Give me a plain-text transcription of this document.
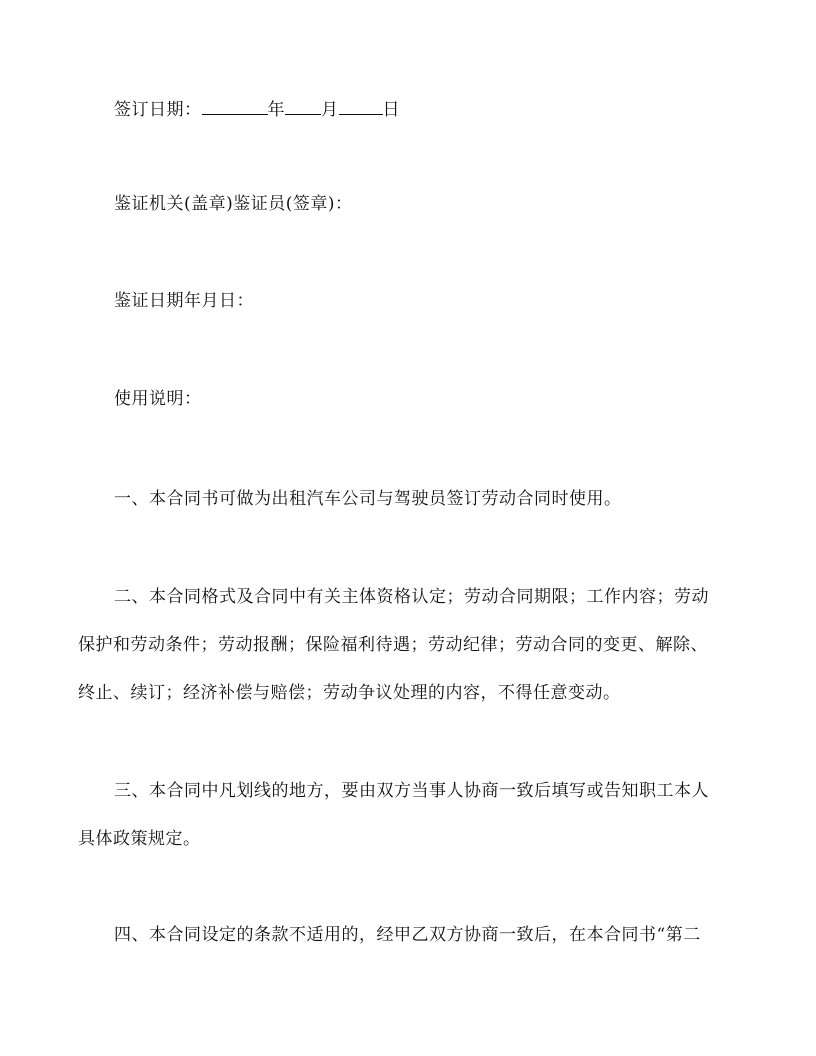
签订日期：	年 月	日
鉴证机关(盖章)鉴证员(签章)：
鉴证日期年月日：
使用说明：
一、本合同书可做为出租汽车公司与驾驶员签订劳动合同时使用。
二、本合同格式及合同中有关主体资格认定；劳动合同期限；工作内容；劳动
保护和劳动条件；劳动报酬；保险福利待遇；劳动纪律；劳动合同的变更、解除、
终止、续订；经济补偿与赔偿；劳动争议处理的内容，不得任意变动。
三、本合同中凡划线的地方，要由双方当事人协商一致后填写或告知职工本人
具体政策规定。
四、本合同设定的条款不适用的，经甲乙双方协商一致后，在本合同书“第二
